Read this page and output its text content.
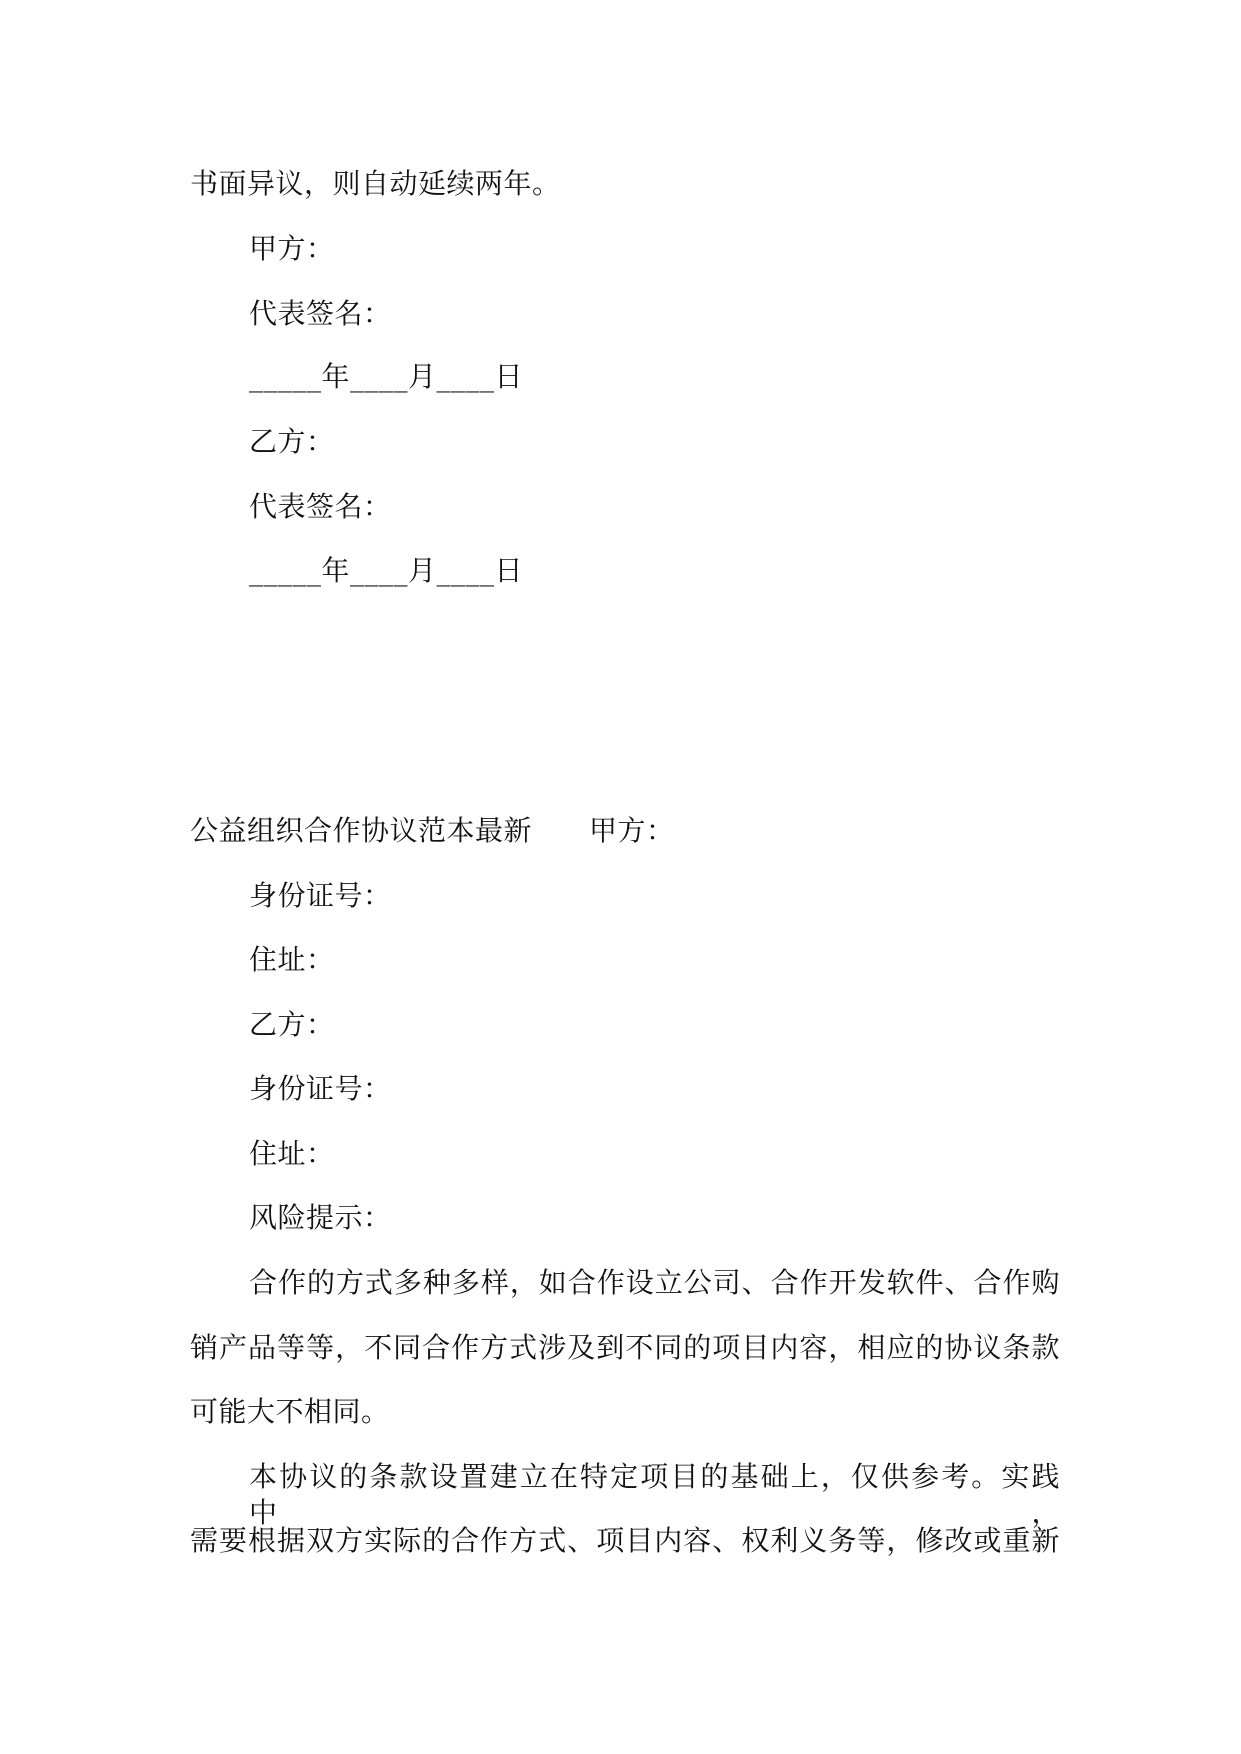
书面异议，则自动延续两年。
甲方：
代表签名：
_____年____月____日
乙方：
代表签名：
_____年____月____日
公益组织合作协议范本最新　　甲方：
身份证号：
住址：
乙方：
身份证号：
住址：
风险提示：
合作的方式多种多样，如合作设立公司、合作开发软件、合作购
销产品等等，不同合作方式涉及到不同的项目内容，相应的协议条款
可能大不相同。
本协议的条款设置建立在特定项目的基础上，仅供参考。实践中，
需要根据双方实际的合作方式、项目内容、权利义务等，修改或重新
